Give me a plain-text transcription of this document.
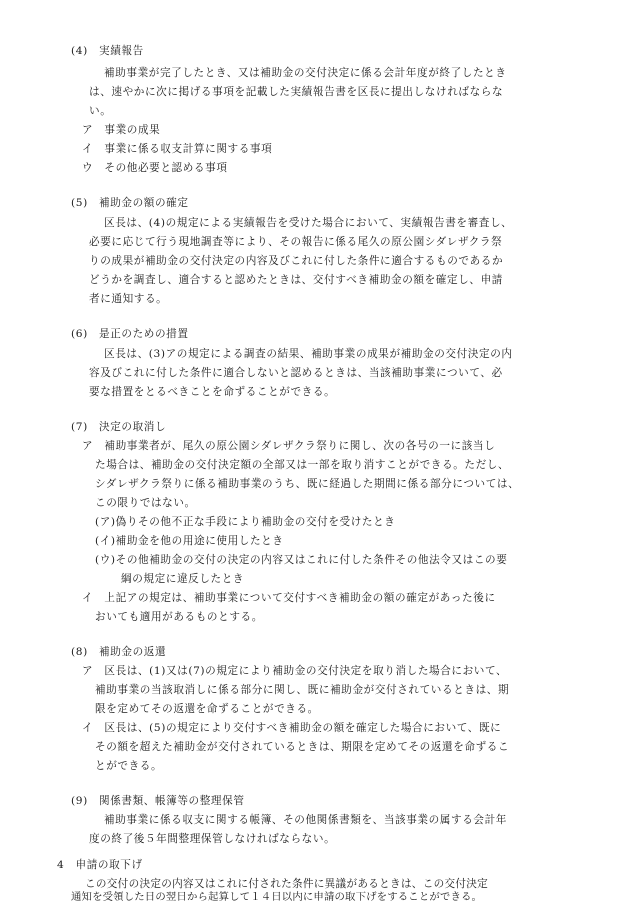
(4)　実績報告
補助事業が完了したとき、又は補助金の交付決定に係る会計年度が終了したとき
は、速やかに次に掲げる事項を記載した実績報告書を区長に提出しなければならな
い。
ア　事業の成果
イ　事業に係る収支計算に関する事項
ウ　その他必要と認める事項
(5)　補助金の額の確定
区長は、(4)の規定による実績報告を受けた場合において、実績報告書を審査し、
必要に応じて行う現地調査等により、その報告に係る尾久の原公園シダレザクラ祭
りの成果が補助金の交付決定の内容及びこれに付した条件に適合するものであるか
どうかを調査し、適合すると認めたときは、交付すべき補助金の額を確定し、申請
者に通知する。
(6)　是正のための措置
区長は、(3)アの規定による調査の結果、補助事業の成果が補助金の交付決定の内
容及びこれに付した条件に適合しないと認めるときは、当該補助事業について、必
要な措置をとるべきことを命ずることができる。
(7)　決定の取消し
ア　補助事業者が、尾久の原公園シダレザクラ祭りに関し、次の各号の一に該当し
た場合は、補助金の交付決定額の全部又は一部を取り消すことができる。ただし、
シダレザクラ祭りに係る補助事業のうち、既に経過した期間に係る部分については、
この限りではない。
(ア)偽りその他不正な手段により補助金の交付を受けたとき
(イ)補助金を他の用途に使用したとき
(ウ)その他補助金の交付の決定の内容又はこれに付した条件その他法令又はこの要
綱の規定に違反したとき
イ　上記アの規定は、補助事業について交付すべき補助金の額の確定があった後に
おいても適用があるものとする。
(8)　補助金の返還
ア　区長は、(1)又は(7)の規定により補助金の交付決定を取り消した場合において、
補助事業の当該取消しに係る部分に関し、既に補助金が交付されているときは、期
限を定めてその返還を命ずることができる。
イ　区長は、(5)の規定により交付すべき補助金の額を確定した場合において、既に
その額を超えた補助金が交付されているときは、期限を定めてその返還を命ずるこ
とができる。
(9)　関係書類、帳簿等の整理保管
補助事業に係る収支に関する帳簿、その他関係書類を、当該事業の属する会計年
度の終了後５年間整理保管しなければならない。
4　申請の取下げ
この交付の決定の内容又はこれに付された条件に異議があるときは、この交付決定
通知を受領した日の翌日から起算して１４日以内に申請の取下げをすることができる。
